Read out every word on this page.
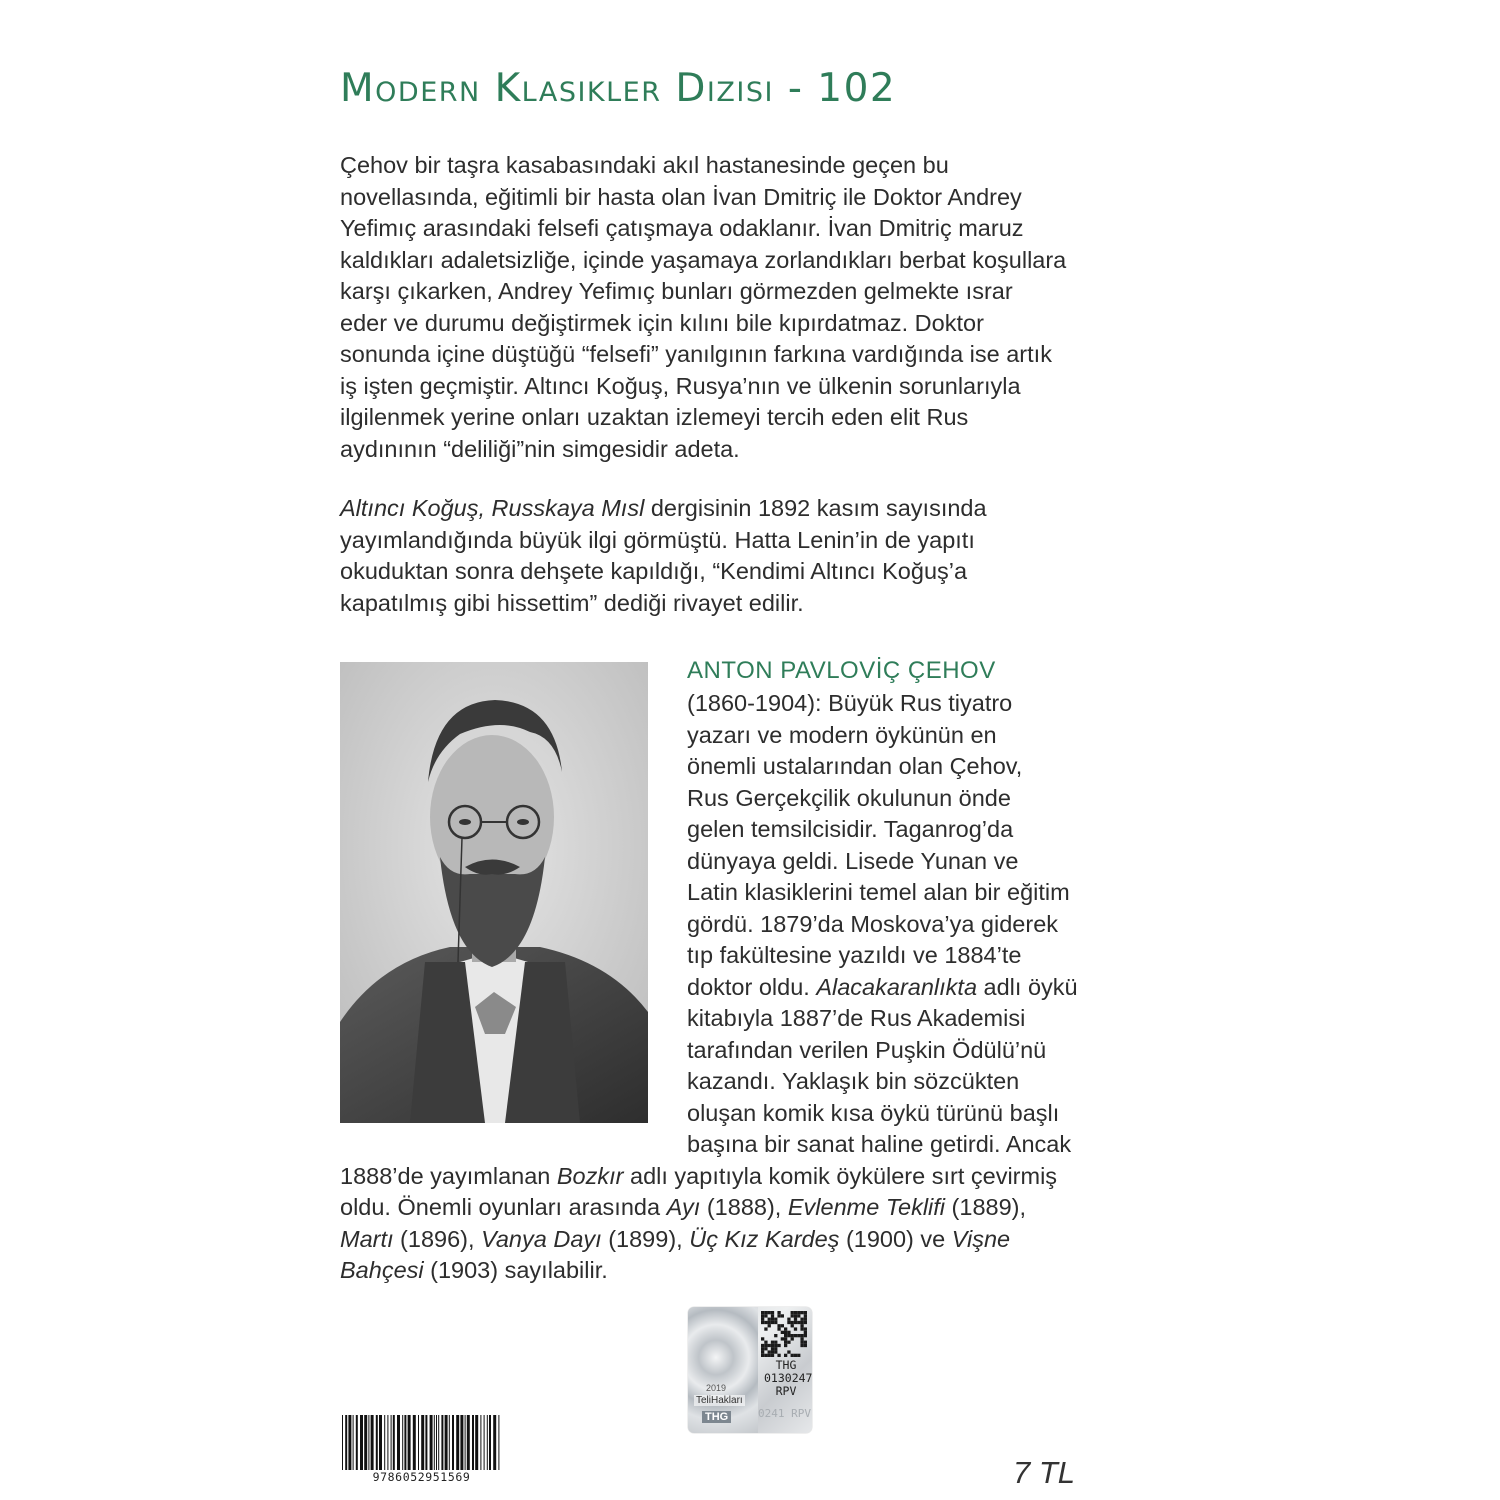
Modern Klasikler Dizisi - 102

Çehov bir taşra kasabasındaki akıl hastanesinde geçen bu
novellasında, eğitimli bir hasta olan İvan Dmitriç ile Doktor Andrey
Yefimıç arasındaki felsefi çatışmaya odaklanır. İvan Dmitriç maruz
kaldıkları adaletsizliğe, içinde yaşamaya zorlandıkları berbat koşullara
karşı çıkarken, Andrey Yefimıç bunları görmezden gelmekte ısrar
eder ve durumu değiştirmek için kılını bile kıpırdatmaz. Doktor
sonunda içine düştüğü “felsefi” yanılgının farkına vardığında ise artık
iş işten geçmiştir. Altıncı Koğuş, Rusya’nın ve ülkenin sorunlarıyla
ilgilenmek yerine onları uzaktan izlemeyi tercih eden elit Rus
aydınının “deliliği”nin simgesidir adeta.

Altıncı Koğuş, Russkaya Mısl dergisinin 1892 kasım sayısında
yayımlandığında büyük ilgi görmüştü. Hatta Lenin’in de yapıtı
okuduktan sonra dehşete kapıldığı, “Kendimi Altıncı Koğuş’a
kapatılmış gibi hissettim” dediği rivayet edilir.

ANTON PAVLOVİÇ ÇEHOV

(1860-1904): Büyük Rus tiyatro
yazarı ve modern öykünün en
önemli ustalarından olan Çehov,
Rus Gerçekçilik okulunun önde
gelen temsilcisidir. Taganrog’da
dünyaya geldi. Lisede Yunan ve
Latin klasiklerini temel alan bir eğitim
gördü. 1879’da Moskova’ya giderek
tıp fakültesine yazıldı ve 1884’te
doktor oldu. Alacakaranlıkta adlı öykü
kitabıyla 1887’de Rus Akademisi
tarafından verilen Puşkin Ödülü’nü
kazandı. Yaklaşık bin sözcükten
oluşan komik kısa öykü türünü başlı
başına bir sanat haline getirdi. Ancak
1888’de yayımlanan Bozkır adlı yapıtıyla komik öykülere sırt çevirmiş
oldu. Önemli oyunları arasında Ayı (1888), Evlenme Teklifi (1889),
Martı (1896), Vanya Dayı (1899), Üç Kız Kardeş (1900) ve Vişne
Bahçesi (1903) sayılabilir.

9786052951569
2019
TeliHakları
THG
THG
0130247
RPV
0241 RPV

7 TL
